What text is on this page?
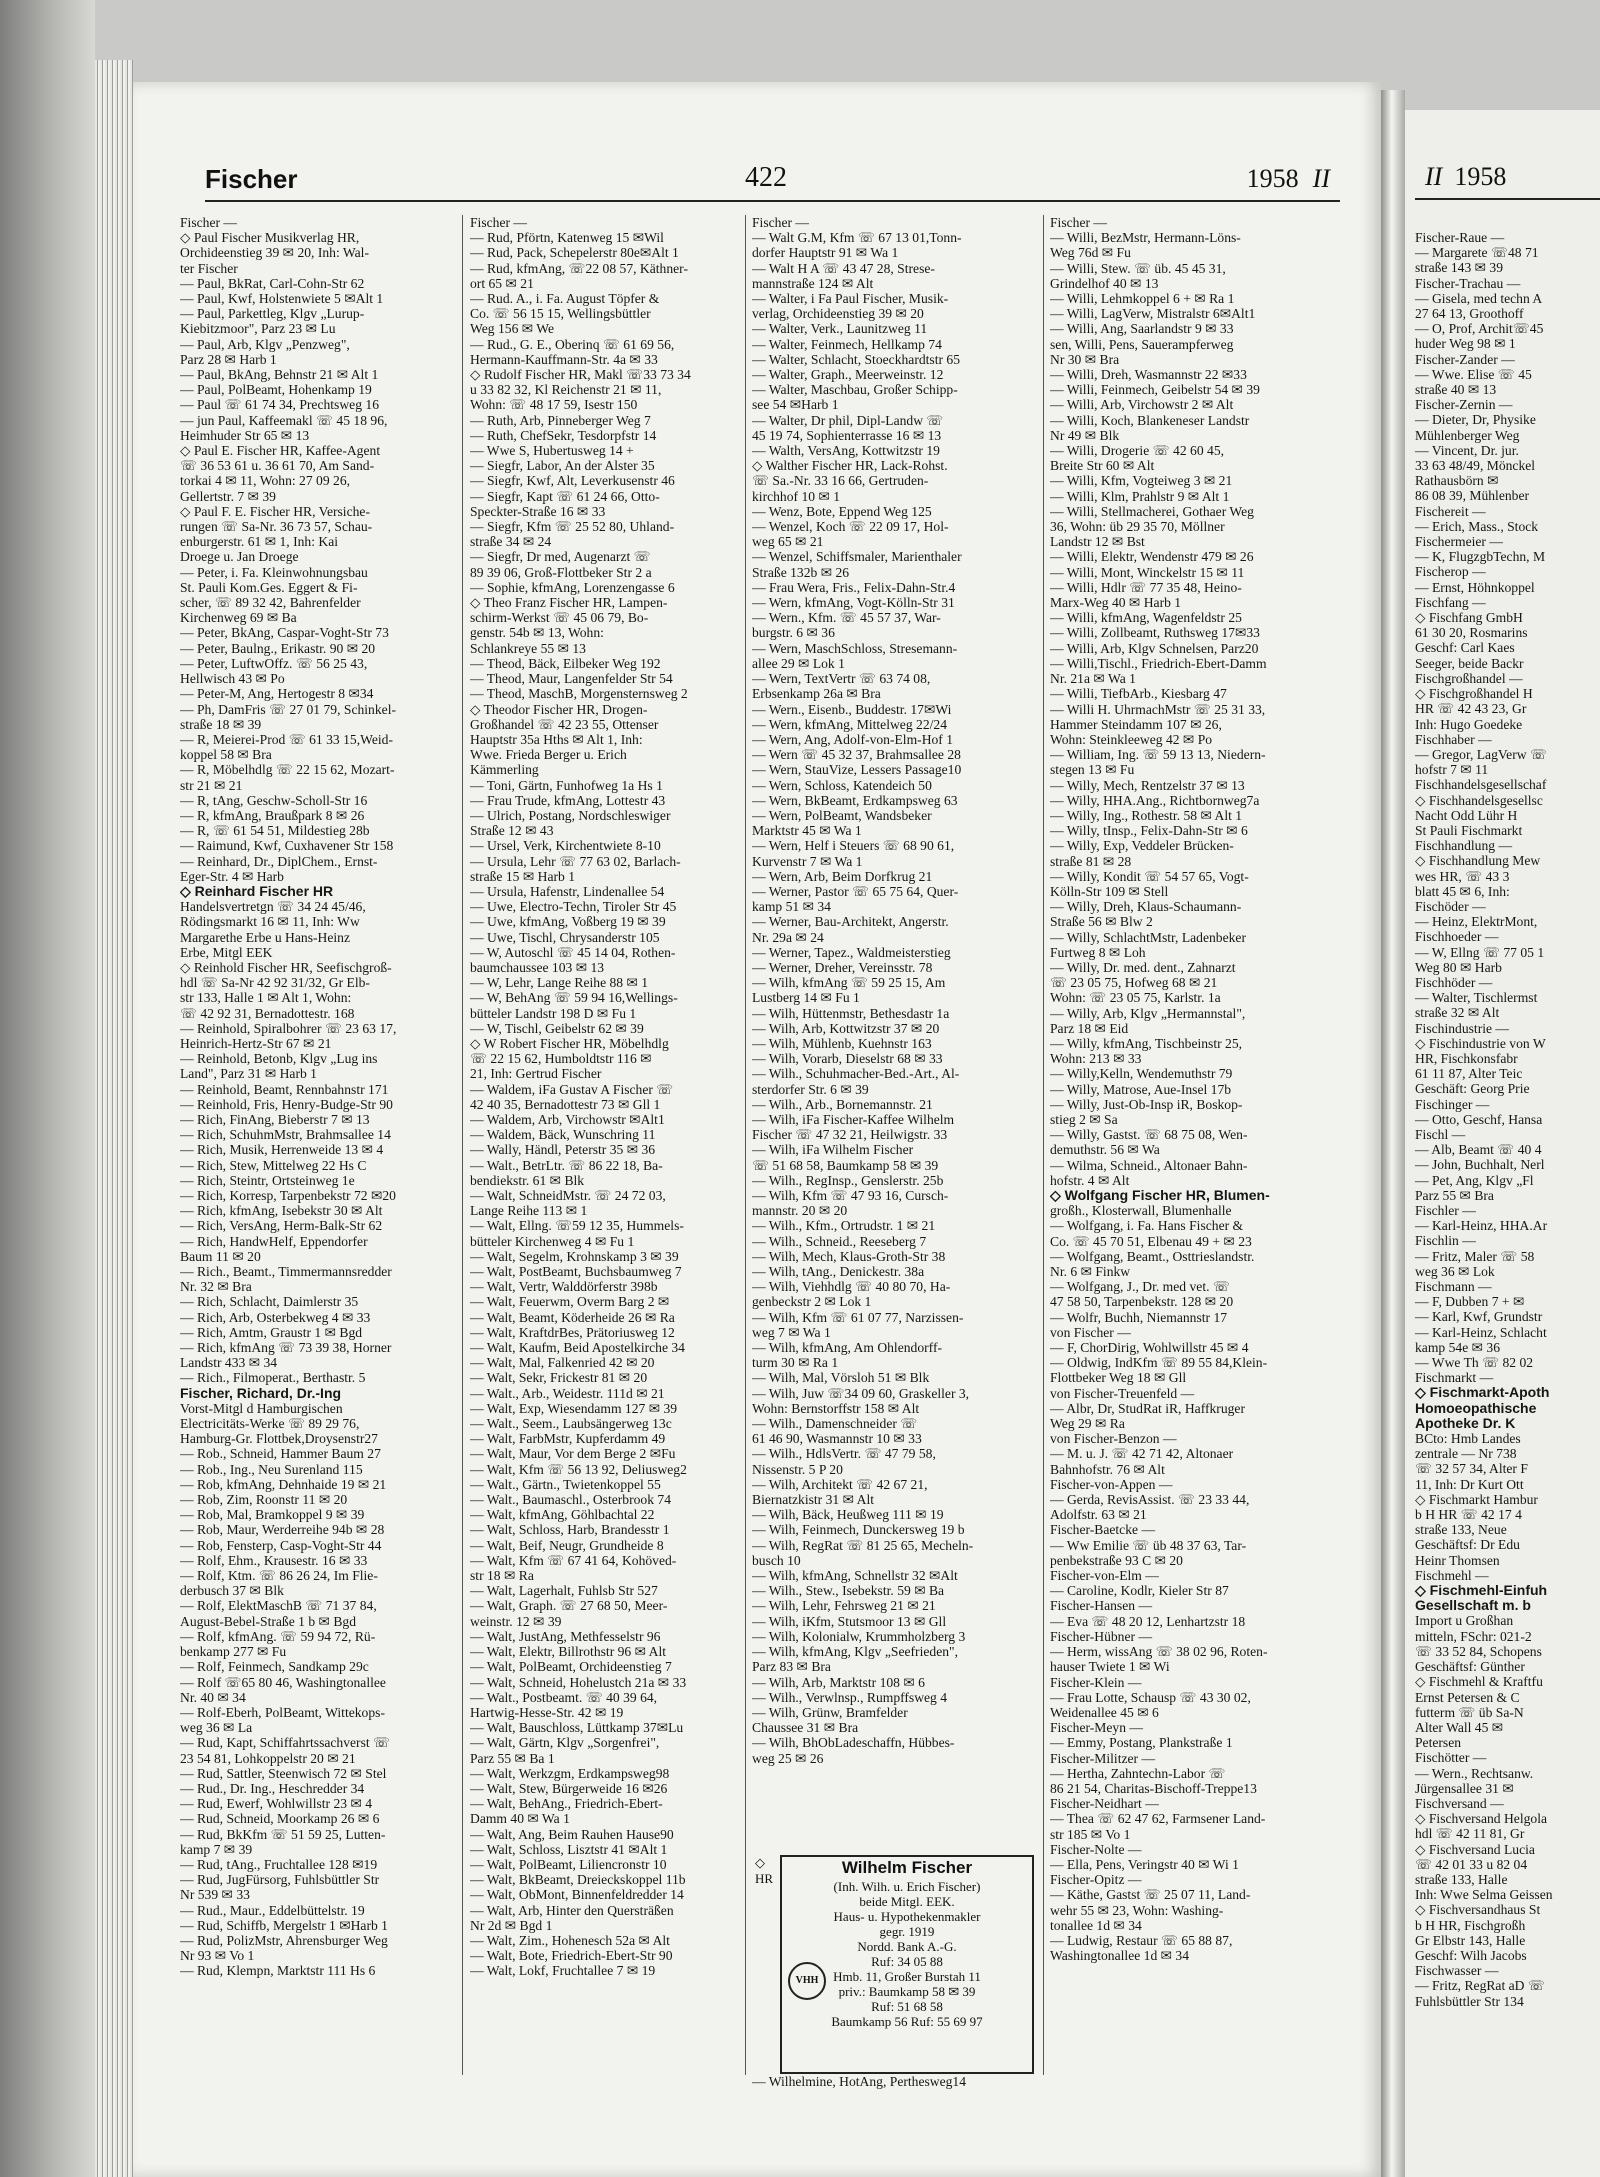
Fischer	422	1958 II
Fischer —
◇ Paul Fischer Musikverlag HR,
Orchideenstieg 39 ✉ 20, Inh: Wal-
ter Fischer
— Paul, BkRat, Carl-Cohn-Str 62
— Paul, Kwf, Holstenwiete 5 ✉Alt 1
— Paul, Parkettleg, Klgv „Lurup-
Kiebitzmoor", Parz 23 ✉ Lu
— Paul, Arb, Klgv „Penzweg",
Parz 28 ✉ Harb 1
— Paul, BkAng, Behnstr 21 ✉ Alt 1
— Paul, PolBeamt, Hohenkamp 19
— Paul ☏ 61 74 34, Prechtsweg 16
— jun Paul, Kaffeemakl ☏ 45 18 96,
Heimhuder Str 65 ✉ 13
◇ Paul E. Fischer HR, Kaffee-Agent
☏ 36 53 61 u. 36 61 70, Am Sand-
torkai 4 ✉ 11, Wohn: 27 09 26,
Gellertstr. 7 ✉ 39
◇ Paul F. E. Fischer HR, Versiche-
rungen ☏ Sa-Nr. 36 73 57, Schau-
enburgerstr. 61 ✉ 1, Inh: Kai
Droege u. Jan Droege
— Peter, i. Fa. Kleinwohnungsbau
St. Pauli Kom.Ges. Eggert & Fi-
scher, ☏ 89 32 42, Bahrenfelder
Kirchenweg 69 ✉ Ba
— Peter, BkAng, Caspar-Voght-Str 73
— Peter, Baulng., Erikastr. 90 ✉ 20
— Peter, LuftwOffz. ☏ 56 25 43,
Hellwisch 43 ✉ Po
— Peter-M, Ang, Hertogestr 8 ✉34
— Ph, DamFris ☏ 27 01 79, Schinkel-
straße 18 ✉ 39
— R, Meierei-Prod ☏ 61 33 15,Weid-
koppel 58 ✉ Bra
— R, Möbelhdlg ☏ 22 15 62, Mozart-
str 21 ✉ 21
— R, tAng, Geschw-Scholl-Str 16
— R, kfmAng, Braußpark 8 ✉ 26
— R, ☏ 61 54 51, Mildestieg 28b
— Raimund, Kwf, Cuxhavener Str 158
— Reinhard, Dr., DiplChem., Ernst-
Eger-Str. 4 ✉ Harb
◇ Reinhard Fischer HR
Handelsvertretgn ☏ 34 24 45/46,
Rödingsmarkt 16 ✉ 11, Inh: Ww
Margarethe Erbe u Hans-Heinz
Erbe, Mitgl EEK
◇ Reinhold Fischer HR, Seefischgroß-
hdl ☏ Sa-Nr 42 92 31/32, Gr Elb-
str 133, Halle 1 ✉ Alt 1, Wohn:
☏ 42 92 31, Bernadottestr. 168
— Reinhold, Spiralbohrer ☏ 23 63 17,
Heinrich-Hertz-Str 67 ✉ 21
— Reinhold, Betonb, Klgv „Lug ins
Land", Parz 31 ✉ Harb 1
— Reinhold, Beamt, Rennbahnstr 171
— Reinhold, Fris, Henry-Budge-Str 90
— Rich, FinAng, Bieberstr 7 ✉ 13
— Rich, SchuhmMstr, Brahmsallee 14
— Rich, Musik, Herrenweide 13 ✉ 4
— Rich, Stew, Mittelweg 22 Hs C
— Rich, Steintr, Ortsteinweg 1e
— Rich, Korresp, Tarpenbekstr 72 ✉20
— Rich, kfmAng, Isebekstr 30 ✉ Alt
— Rich, VersAng, Herm-Balk-Str 62
— Rich, HandwHelf, Eppendorfer
Baum 11 ✉ 20
— Rich., Beamt., Timmermannsredder
Nr. 32 ✉ Bra
— Rich, Schlacht, Daimlerstr 35
— Rich, Arb, Osterbekweg 4 ✉ 33
— Rich, Amtm, Graustr 1 ✉ Bgd
— Rich, kfmAng ☏ 73 39 38, Horner
Landstr 433 ✉ 34
— Rich., Filmoperat., Berthastr. 5
Fischer, Richard, Dr.-Ing
Vorst-Mitgl d Hamburgischen
Electricitäts-Werke ☏ 89 29 76,
Hamburg-Gr. Flottbek,Droysenstr27
— Rob., Schneid, Hammer Baum 27
— Rob., Ing., Neu Surenland 115
— Rob, kfmAng, Dehnhaide 19 ✉ 21
— Rob, Zim, Roonstr 11 ✉ 20
— Rob, Mal, Bramkoppel 9 ✉ 39
— Rob, Maur, Werderreihe 94b ✉ 28
— Rob, Fensterp, Casp-Voght-Str 44
— Rolf, Ehm., Krausestr. 16 ✉ 33
— Rolf, Ktm. ☏ 86 26 24, Im Flie-
derbusch 37 ✉ Blk
— Rolf, ElektMaschB ☏ 71 37 84,
August-Bebel-Straße 1 b ✉ Bgd
— Rolf, kfmAng. ☏ 59 94 72, Rü-
benkamp 277 ✉ Fu
— Rolf, Feinmech, Sandkamp 29c
— Rolf ☏65 80 46, Washingtonallee
Nr. 40 ✉ 34
— Rolf-Eberh, PolBeamt, Wittekops-
weg 36 ✉ La
— Rud, Kapt, Schiffahrtssachverst ☏
23 54 81, Lohkoppelstr 20 ✉ 21
— Rud, Sattler, Steenwisch 72 ✉ Stel
— Rud., Dr. Ing., Heschredder 34
— Rud, Ewerf, Wohlwillstr 23 ✉ 4
— Rud, Schneid, Moorkamp 26 ✉ 6
— Rud, BkKfm ☏ 51 59 25, Lutten-
kamp 7 ✉ 39
— Rud, tAng., Fruchtallee 128 ✉19
— Rud, JugFürsorg, Fuhlsbüttler Str
Nr 539 ✉ 33
— Rud., Maur., Eddelbüttelstr. 19
— Rud, Schiffb, Mergelstr 1 ✉Harb 1
— Rud, PolizMstr, Ahrensburger Weg
Nr 93 ✉ Vo 1
— Rud, Klempn, Marktstr 111 Hs 6
Fischer —
— Rud, Pförtn, Katenweg 15 ✉Wil
— Rud, Pack, Schepelerstr 80e✉Alt 1
— Rud, kfmAng, ☏22 08 57, Käthner-
ort 65 ✉ 21
— Rud. A., i. Fa. August Töpfer &
Co. ☏ 56 15 15, Wellingsbüttler
Weg 156 ✉ We
— Rud., G. E., Oberinq ☏ 61 69 56,
Hermann-Kauffmann-Str. 4a ✉ 33
◇ Rudolf Fischer HR, Makl ☏33 73 34
u 33 82 32, Kl Reichenstr 21 ✉ 11,
Wohn: ☏ 48 17 59, Isestr 150
— Ruth, Arb, Pinneberger Weg 7
— Ruth, ChefSekr, Tesdorpfstr 14
— Wwe S, Hubertusweg 14 +
— Siegfr, Labor, An der Alster 35
— Siegfr, Kwf, Alt, Leverkusenstr 46
— Siegfr, Kapt ☏ 61 24 66, Otto-
Speckter-Straße 16 ✉ 33
— Siegfr, Kfm ☏ 25 52 80, Uhland-
straße 34 ✉ 24
— Siegfr, Dr med, Augenarzt ☏
89 39 06, Groß-Flottbeker Str 2 a
— Sophie, kfmAng, Lorenzengasse 6
◇ Theo Franz Fischer HR, Lampen-
schirm-Werkst ☏ 45 06 79, Bo-
genstr. 54b ✉ 13, Wohn:
Schlankreye 55 ✉ 13
— Theod, Bäck, Eilbeker Weg 192
— Theod, Maur, Langenfelder Str 54
— Theod, MaschB, Morgensternsweg 2
◇ Theodor Fischer HR, Drogen-
Großhandel ☏ 42 23 55, Ottenser
Hauptstr 35a Hths ✉ Alt 1, Inh:
Wwe. Frieda Berger u. Erich
Kämmerling
— Toni, Gärtn, Funhofweg 1a Hs 1
— Frau Trude, kfmAng, Lottestr 43
— Ulrich, Postang, Nordschleswiger
Straße 12 ✉ 43
— Ursel, Verk, Kirchentwiete 8-10
— Ursula, Lehr ☏ 77 63 02, Barlach-
straße 15 ✉ Harb 1
— Ursula, Hafenstr, Lindenallee 54
— Uwe, Electro-Techn, Tiroler Str 45
— Uwe, kfmAng, Voßberg 19 ✉ 39
— Uwe, Tischl, Chrysanderstr 105
— W, Autoschl ☏ 45 14 04, Rothen-
baumchaussee 103 ✉ 13
— W, Lehr, Lange Reihe 88 ✉ 1
— W, BehAng ☏ 59 94 16,Wellings-
bütteler Landstr 198 D ✉ Fu 1
— W, Tischl, Geibelstr 62 ✉ 39
◇ W Robert Fischer HR, Möbelhdlg
☏ 22 15 62, Humboldtstr 116 ✉
21, Inh: Gertrud Fischer
— Waldem, iFa Gustav A Fischer ☏
42 40 35, Bernadottestr 73 ✉ Gll 1
— Waldem, Arb, Virchowstr ✉Alt1
— Waldem, Bäck, Wunschring 11
— Wally, Händl, Peterstr 35 ✉ 36
— Walt., BetrLtr. ☏ 86 22 18, Ba-
bendiekstr. 61 ✉ Blk
— Walt, SchneidMstr. ☏ 24 72 03,
Lange Reihe 113 ✉ 1
— Walt, Ellng. ☏59 12 35, Hummels-
bütteler Kirchenweg 4 ✉ Fu 1
— Walt, Segelm, Krohnskamp 3 ✉ 39
— Walt, PostBeamt, Buchsbaumweg 7
— Walt, Vertr, Walddörferstr 398b
— Walt, Feuerwm, Overm Barg 2 ✉
— Walt, Beamt, Köderheide 26 ✉ Ra
— Walt, KraftdrBes, Prätoriusweg 12
— Walt, Kaufm, Beid Apostelkirche 34
— Walt, Mal, Falkenried 42 ✉ 20
— Walt, Sekr, Frickestr 81 ✉ 20
— Walt., Arb., Weidestr. 111d ✉ 21
— Walt, Exp, Wiesendamm 127 ✉ 39
— Walt., Seem., Laubsängerweg 13c
— Walt, FarbMstr, Kupferdamm 49
— Walt, Maur, Vor dem Berge 2 ✉Fu
— Walt, Kfm ☏ 56 13 92, Deliusweg2
— Walt., Gärtn., Twietenkoppel 55
— Walt., Baumaschl., Osterbrook 74
— Walt, kfmAng, Göhlbachtal 22
— Walt, Schloss, Harb, Brandesstr 1
— Walt, Beif, Neugr, Grundheide 8
— Walt, Kfm ☏ 67 41 64, Kohöved-
str 18 ✉ Ra
— Walt, Lagerhalt, Fuhlsb Str 527
— Walt, Graph. ☏ 27 68 50, Meer-
weinstr. 12 ✉ 39
— Walt, JustAng, Methfesselstr 96
— Walt, Elektr, Billrothstr 96 ✉ Alt
— Walt, PolBeamt, Orchideenstieg 7
— Walt, Schneid, Hohelustch 21a ✉ 33
— Walt., Postbeamt. ☏ 40 39 64,
Hartwig-Hesse-Str. 42 ✉ 19
— Walt, Bauschloss, Lüttkamp 37✉Lu
— Walt, Gärtn, Klgv „Sorgenfrei",
Parz 55 ✉ Ba 1
— Walt, Werkzgm, Erdkampsweg98
— Walt, Stew, Bürgerweide 16 ✉26
— Walt, BehAng., Friedrich-Ebert-
Damm 40 ✉ Wa 1
— Walt, Ang, Beim Rauhen Hause90
— Walt, Schloss, Lisztstr 41 ✉Alt 1
— Walt, PolBeamt, Liliencronstr 10
— Walt, BkBeamt, Dreieckskoppel 11b
— Walt, ObMont, Binnenfeldredder 14
— Walt, Arb, Hinter den Quersträßen
Nr 2d ✉ Bgd 1
— Walt, Zim., Hohenesch 52a ✉ Alt
— Walt, Bote, Friedrich-Ebert-Str 90
— Walt, Lokf, Fruchtallee 7 ✉ 19
Fischer —
— Walt G.M, Kfm ☏ 67 13 01,Tonn-
dorfer Hauptstr 91 ✉ Wa 1
— Walt H A ☏ 43 47 28, Strese-
mannstraße 124 ✉ Alt
— Walter, i Fa Paul Fischer, Musik-
verlag, Orchideenstieg 39 ✉ 20
— Walter, Verk., Launitzweg 11
— Walter, Feinmech, Hellkamp 74
— Walter, Schlacht, Stoeckhardtstr 65
— Walter, Graph., Meerweinstr. 12
— Walter, Maschbau, Großer Schipp-
see 54 ✉Harb 1
— Walter, Dr phil, Dipl-Landw ☏
45 19 74, Sophienterrasse 16 ✉ 13
— Walth, VersAng, Kottwitzstr 19
◇ Walther Fischer HR, Lack-Rohst.
☏ Sa.-Nr. 33 16 66, Gertruden-
kirchhof 10 ✉ 1
— Wenz, Bote, Eppend Weg 125
— Wenzel, Koch ☏ 22 09 17, Hol-
weg 65 ✉ 21
— Wenzel, Schiffsmaler, Marienthaler
Straße 132b ✉ 26
— Frau Wera, Fris., Felix-Dahn-Str.4
— Wern, kfmAng, Vogt-Kölln-Str 31
— Wern., Kfm. ☏ 45 57 37, War-
burgstr. 6 ✉ 36
— Wern, MaschSchloss, Stresemann-
allee 29 ✉ Lok 1
— Wern, TextVertr ☏ 63 74 08,
Erbsenkamp 26a ✉ Bra
— Wern., Eisenb., Buddestr. 17✉Wi
— Wern, kfmAng, Mittelweg 22/24
— Wern, Ang, Adolf-von-Elm-Hof 1
— Wern ☏ 45 32 37, Brahmsallee 28
— Wern, StauVize, Lessers Passage10
— Wern, Schloss, Katendeich 50
— Wern, BkBeamt, Erdkampsweg 63
— Wern, PolBeamt, Wandsbeker
Marktstr 45 ✉ Wa 1
— Wern, Helf i Steuers ☏ 68 90 61,
Kurvenstr 7 ✉ Wa 1
— Wern, Arb, Beim Dorfkrug 21
— Werner, Pastor ☏ 65 75 64, Quer-
kamp 51 ✉ 34
— Werner, Bau-Architekt, Angerstr.
Nr. 29a ✉ 24
— Werner, Tapez., Waldmeisterstieg
— Werner, Dreher, Vereinsstr. 78
— Wilh, kfmAng ☏ 59 25 15, Am
Lustberg 14 ✉ Fu 1
— Wilh, Hüttenmstr, Bethesdastr 1a
— Wilh, Arb, Kottwitzstr 37 ✉ 20
— Wilh, Mühlenb, Kuehnstr 163
— Wilh, Vorarb, Dieselstr 68 ✉ 33
— Wilh., Schuhmacher-Bed.-Art., Al-
sterdorfer Str. 6 ✉ 39
— Wilh., Arb., Bornemannstr. 21
— Wilh, iFa Fischer-Kaffee Wilhelm
Fischer ☏ 47 32 21, Heilwigstr. 33
— Wilh, iFa Wilhelm Fischer
☏ 51 68 58, Baumkamp 58 ✉ 39
— Wilh., RegInsp., Genslerstr. 25b
— Wilh, Kfm ☏ 47 93 16, Cursch-
mannstr. 20 ✉ 20
— Wilh., Kfm., Ortrudstr. 1 ✉ 21
— Wilh., Schneid., Reeseberg 7
— Wilh, Mech, Klaus-Groth-Str 38
— Wilh, tAng., Denickestr. 38a
— Wilh, Viehhdlg ☏ 40 80 70, Ha-
genbeckstr 2 ✉ Lok 1
— Wilh, Kfm ☏ 61 07 77, Narzissen-
weg 7 ✉ Wa 1
— Wilh, kfmAng, Am Ohlendorff-
turm 30 ✉ Ra 1
— Wilh, Mal, Vörsloh 51 ✉ Blk
— Wilh, Juw ☏34 09 60, Graskeller 3,
Wohn: Bernstorffstr 158 ✉ Alt
— Wilh., Damenschneider ☏
61 46 90, Wasmannstr 10 ✉ 33
— Wilh., HdlsVertr. ☏ 47 79 58,
Nissenstr. 5 P 20
— Wilh, Architekt ☏ 42 67 21,
Biernatzkistr 31 ✉ Alt
— Wilh, Bäck, Heußweg 111 ✉ 19
— Wilh, Feinmech, Dunckersweg 19 b
— Wilh, RegRat ☏ 81 25 65, Mecheln-
busch 10
— Wilh, kfmAng, Schnellstr 32 ✉Alt
— Wilh., Stew., Isebekstr. 59 ✉ Ba
— Wilh, Lehr, Fehrsweg 21 ✉ 21
— Wilh, iKfm, Stutsmoor 13 ✉ Gll
— Wilh, Kolonialw, Krummholzberg 3
— Wilh, kfmAng, Klgv „Seefrieden",
Parz 83 ✉ Bra
— Wilh, Arb, Marktstr 108 ✉ 6
— Wilh., Verwlnsp., Rumpffsweg 4
— Wilh, Grünw, Bramfelder
Chaussee 31 ✉ Bra
— Wilh, BhObLadeschaffn, Hübbes-
weg 25 ✉ 26
Fischer —
— Willi, BezMstr, Hermann-Löns-
Weg 76d ✉ Fu
— Willi, Stew. ☏ üb. 45 45 31,
Grindelhof 40 ✉ 13
— Willi, Lehmkoppel 6 + ✉ Ra 1
— Willi, LagVerw, Mistralstr 6✉Alt1
— Willi, Ang, Saarlandstr 9 ✉ 33
sen, Willi, Pens, Sauerampferweg
Nr 30 ✉ Bra
— Willi, Dreh, Wasmannstr 22 ✉33
— Willi, Feinmech, Geibelstr 54 ✉ 39
— Willi, Arb, Virchowstr 2 ✉ Alt
— Willi, Koch, Blankeneser Landstr
Nr 49 ✉ Blk
— Willi, Drogerie ☏ 42 60 45,
Breite Str 60 ✉ Alt
— Willi, Kfm, Vogteiweg 3 ✉ 21
— Willi, Klm, Prahlstr 9 ✉ Alt 1
— Willi, Stellmacherei, Gothaer Weg
36, Wohn: üb 29 35 70, Möllner
Landstr 12 ✉ Bst
— Willi, Elektr, Wendenstr 479 ✉ 26
— Willi, Mont, Winckelstr 15 ✉ 11
— Willi, Hdlr ☏ 77 35 48, Heino-
Marx-Weg 40 ✉ Harb 1
— Willi, kfmAng, Wagenfeldstr 25
— Willi, Zollbeamt, Ruthsweg 17✉33
— Willi, Arb, Klgv Schnelsen, Parz20
— Willi,Tischl., Friedrich-Ebert-Damm
Nr. 21a ✉ Wa 1
— Willi, TiefbArb., Kiesbarg 47
— Willi H. UhrmachMstr ☏ 25 31 33,
Hammer Steindamm 107 ✉ 26,
Wohn: Steinkleeweg 42 ✉ Po
— William, Ing. ☏ 59 13 13, Niedern-
stegen 13 ✉ Fu
— Willy, Mech, Rentzelstr 37 ✉ 13
— Willy, HHA.Ang., Richtbornweg7a
— Willy, Ing., Rothestr. 58 ✉ Alt 1
— Willy, tInsp., Felix-Dahn-Str ✉ 6
— Willy, Exp, Veddeler Brücken-
straße 81 ✉ 28
— Willy, Kondit ☏ 54 57 65, Vogt-
Kölln-Str 109 ✉ Stell
— Willy, Dreh, Klaus-Schaumann-
Straße 56 ✉ Blw 2
— Willy, SchlachtMstr, Ladenbeker
Furtweg 8 ✉ Loh
— Willy, Dr. med. dent., Zahnarzt
☏ 23 05 75, Hofweg 68 ✉ 21
Wohn: ☏ 23 05 75, Karlstr. 1a
— Willy, Arb, Klgv „Hermannstal",
Parz 18 ✉ Eid
— Willy, kfmAng, Tischbeinstr 25,
Wohn: 213 ✉ 33
— Willy,Kelln, Wendemuthstr 79
— Willy, Matrose, Aue-Insel 17b
— Willy, Just-Ob-Insp iR, Boskop-
stieg 2 ✉ Sa
— Willy, Gastst. ☏ 68 75 08, Wen-
demuthstr. 56 ✉ Wa
— Wilma, Schneid., Altonaer Bahn-
hofstr. 4 ✉ Alt
◇ Wolfgang Fischer HR, Blumen-
großh., Klosterwall, Blumenhalle
— Wolfgang, i. Fa. Hans Fischer &
Co. ☏ 45 70 51, Elbenau 49 + ✉ 23
— Wolfgang, Beamt., Osttrieslandstr.
Nr. 6 ✉ Finkw
— Wolfgang, J., Dr. med vet. ☏
47 58 50, Tarpenbekstr. 128 ✉ 20
— Wolfr, Buchh, Niemannstr 17
von Fischer —
— F, ChorDirig, Wohlwillstr 45 ✉ 4
— Oldwig, IndKfm ☏ 89 55 84,Klein-
Flottbeker Weg 18 ✉ Gll
von Fischer-Treuenfeld —
— Albr, Dr, StudRat iR, Haffkruger
Weg 29 ✉ Ra
von Fischer-Benzon —
— M. u. J. ☏ 42 71 42, Altonaer
Bahnhofstr. 76 ✉ Alt
Fischer-von-Appen —
— Gerda, RevisAssist. ☏ 23 33 44,
Adolfstr. 63 ✉ 21
Fischer-Baetcke —
— Ww Emilie ☏ üb 48 37 63, Tar-
penbekstraße 93 C ✉ 20
Fischer-von-Elm —
— Caroline, Kodlr, Kieler Str 87
Fischer-Hansen —
— Eva ☏ 48 20 12, Lenhartzstr 18
Fischer-Hübner —
— Herm, wissAng ☏ 38 02 96, Roten-
hauser Twiete 1 ✉ Wi
Fischer-Klein —
— Frau Lotte, Schausp ☏ 43 30 02,
Weidenallee 45 ✉ 6
Fischer-Meyn —
— Emmy, Postang, Plankstraße 1
Fischer-Militzer —
— Hertha, Zahntechn-Labor ☏
86 21 54, Charitas-Bischoff-Treppe13
Fischer-Neidhart —
— Thea ☏ 62 47 62, Farmsener Land-
str 185 ✉ Vo 1
Fischer-Nolte —
— Ella, Pens, Veringstr 40 ✉ Wi 1
Fischer-Opitz —
— Käthe, Gastst ☏ 25 07 11, Land-
wehr 55 ✉ 23, Wohn: Washing-
tonallee 1d ✉ 34
— Ludwig, Restaur ☏ 65 88 87,
Washingtonallee 1d ✉ 34
◇
HR
Wilhelm Fischer
(Inh. Wilh. u. Erich Fischer)
beide Mitgl. EEK.
Haus- u. Hypothekenmakler
gegr. 1919
Nordd. Bank A.-G.
Ruf: 34 05 88
Hmb. 11, Großer Burstah 11
priv.: Baumkamp 58 ✉ 39
Ruf: 51 68 58
Baumkamp 56 Ruf: 55 69 97
VHH
— Wilhelmine, HotAng, Perthesweg14
II 1958
Fischer-Raue —
— Margarete ☏48 71
straße 143 ✉ 39
Fischer-Trachau —
— Gisela, med techn A
27 64 13, Groothoff
— O, Prof, Archit☏45
huder Weg 98 ✉ 1
Fischer-Zander —
— Wwe. Elise ☏ 45
straße 40 ✉ 13
Fischer-Zernin —
— Dieter, Dr, Physike
Mühlenberger Weg
— Vincent, Dr. jur.
33 63 48/49, Mönckel
Rathausbörn ✉
86 08 39, Mühlenber
Fischereit —
— Erich, Mass., Stock
Fischermeier —
— K, FlugzgbTechn, M
Fischerop —
— Ernst, Höhnkoppel
Fischfang —
◇ Fischfang GmbH
61 30 20, Rosmarins
Geschf: Carl Kaes
Seeger, beide Backr
Fischgroßhandel —
◇ Fischgroßhandel H
HR ☏ 42 43 23, Gr
Inh: Hugo Goedeke
Fischhaber —
— Gregor, LagVerw ☏
hofstr 7 ✉ 11
Fischhandelsgesellschaf
◇ Fischhandelsgesellsc
Nacht Odd Lühr H
St Pauli Fischmarkt
Fischhandlung —
◇ Fischhandlung Mew
wes HR, ☏ 43 3
blatt 45 ✉ 6, Inh:
Fischöder —
— Heinz, ElektrMont,
Fischhoeder —
— W, Ellng ☏ 77 05 1
Weg 80 ✉ Harb
Fischhöder —
— Walter, Tischlermst
straße 32 ✉ Alt
Fischindustrie —
◇ Fischindustrie von W
HR, Fischkonsfabr
61 11 87, Alter Teic
Geschäft: Georg Prie
Fischinger —
— Otto, Geschf, Hansa
Fischl —
— Alb, Beamt ☏ 40 4
— John, Buchhalt, Nerl
— Pet, Ang, Klgv „Fl
Parz 55 ✉ Bra
Fischler —
— Karl-Heinz, HHA.Ar
Fischlin —
— Fritz, Maler ☏ 58
weg 36 ✉ Lok
Fischmann —
— F, Dubben 7 + ✉
— Karl, Kwf, Grundstr
— Karl-Heinz, Schlacht
kamp 54e ✉ 36
— Wwe Th ☏ 82 02
Fischmarkt —
◇ Fischmarkt-Apoth
Homoeopathische
Apotheke Dr. K
BCto: Hmb Landes
zentrale — Nr 738
☏ 32 57 34, Alter F
11, Inh: Dr Kurt Ott
◇ Fischmarkt Hambur
b H HR ☏ 42 17 4
straße 133, Neue
Geschäftsf: Dr Edu
Heinr Thomsen
Fischmehl —
◇ Fischmehl-Einfuh
Gesellschaft m. b
Import u Großhan
mitteln, FSchr: 021-2
☏ 33 52 84, Schopens
Geschäftsf: Günther
◇ Fischmehl & Kraftfu
Ernst Petersen & C
futterm ☏ üb Sa-N
Alter Wall 45 ✉
Petersen
Fischötter —
— Wern., Rechtsanw.
Jürgensallee 31 ✉
Fischversand —
◇ Fischversand Helgola
hdl ☏ 42 11 81, Gr
◇ Fischversand Lucia
☏ 42 01 33 u 82 04
straße 133, Halle
Inh: Wwe Selma Geissen
◇ Fischversandhaus St
b H HR, Fischgroßh
Gr Elbstr 143, Halle
Geschf: Wilh Jacobs
Fischwasser —
— Fritz, RegRat aD ☏
Fuhlsbüttler Str 134
